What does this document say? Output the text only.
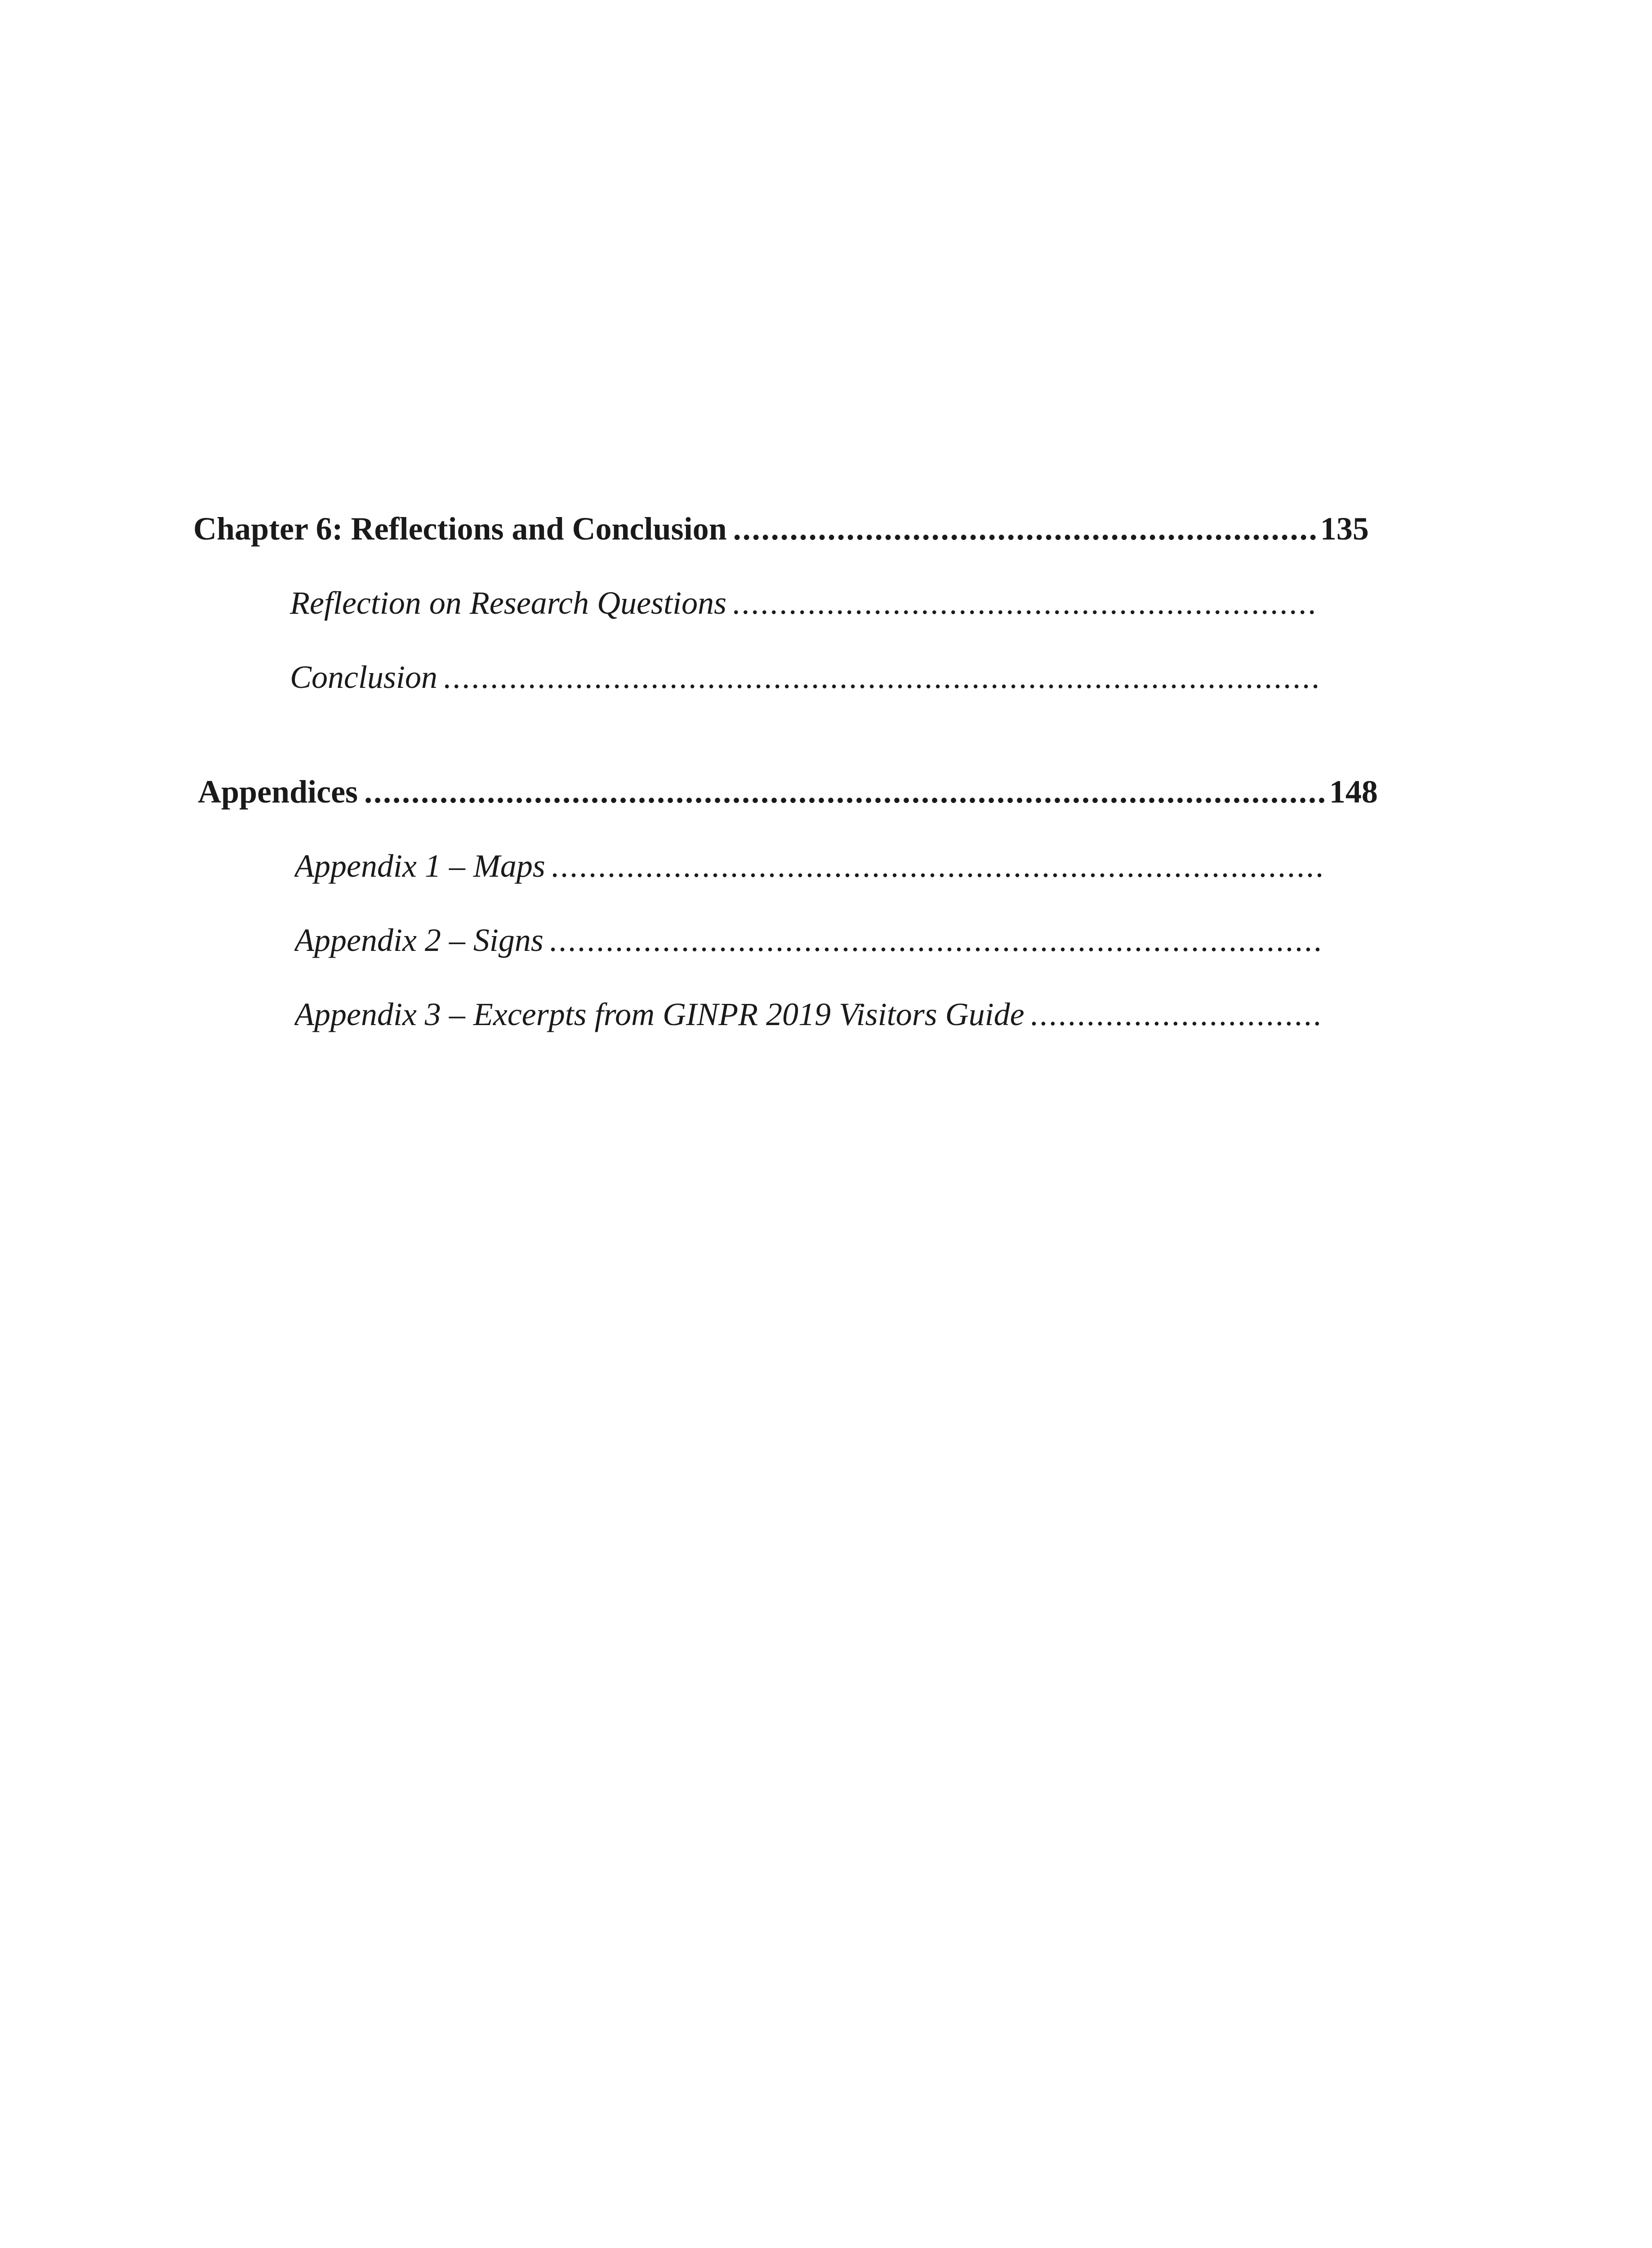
Chapter 6: Reflections and Conclusion .....	135
Reflection on Research Questions
.....
Conclusion
.....
Appendices .....	148
Appendix 1 – Maps
.....
Appendix 2 – Signs
.....
Appendix 3 – Excerpts from GINPR 2019 Visitors Guide
.....
